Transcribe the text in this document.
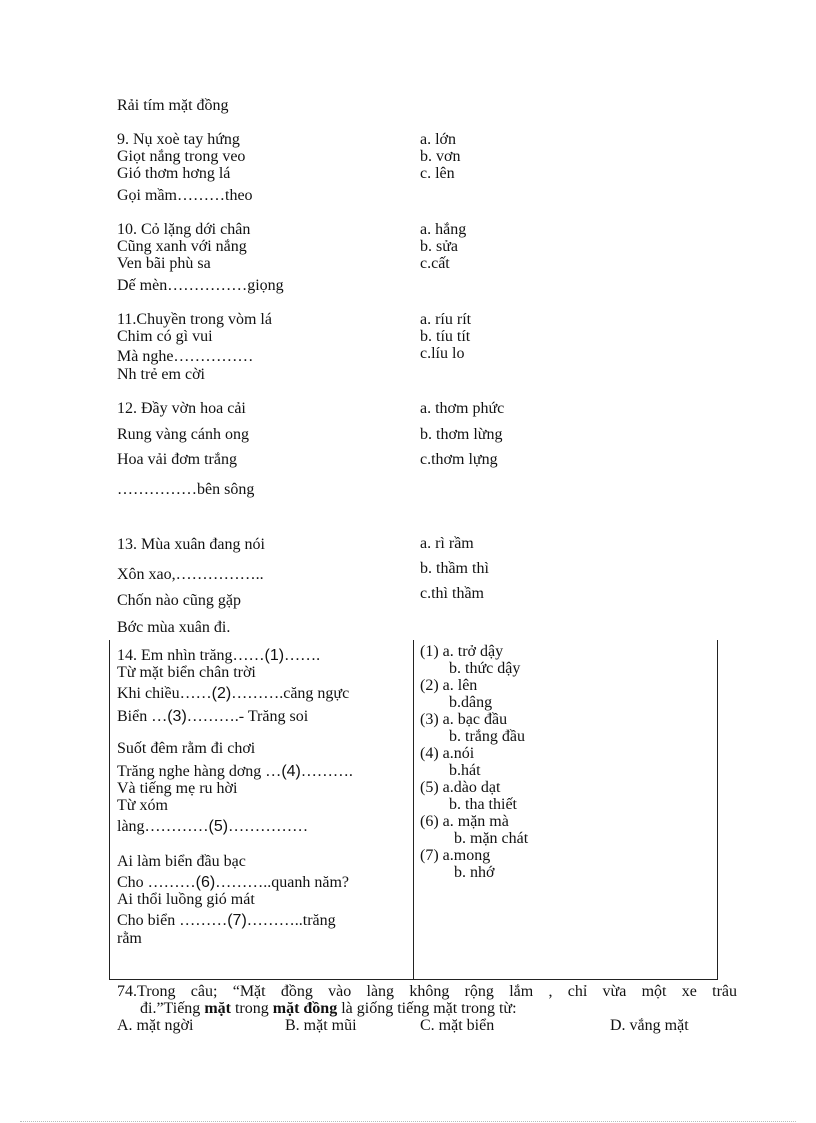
Rải tím mặt đồng
9. Nụ xoè tay hứng
Giọt nắng trong veo
Gió thơm hơng lá
Gọi mầm………theo
a. lớn
b. vơn
c. lên
10. Cỏ lặng dới chân
Cũng xanh với nắng
Ven bãi phù sa
Dế mèn……………giọng
a. hắng
b. sửa
c.cất
11.Chuyền trong vòm lá
Chim có gì vui
Mà nghe……………
Nh trẻ em cời
a. ríu rít
b. tíu tít
c.líu lo
12. Đầy vờn hoa cải
Rung vàng cánh ong
Hoa vải đơm trắng
……………bên sông
a. thơm phức
b. thơm lừng
c.thơm lựng
13. Mùa xuân đang nói
Xôn xao,……………..
Chốn nào cũng gặp
Bớc mùa xuân đi.
a. rì rầm
b. thầm thì
c.thì thầm
14. Em nhìn trăng……(1)…….
Từ mặt biển chân trời
Khi chiều……(2)……….căng ngực
Biển …(3)……….- Trăng soi
Suốt đêm rằm đi chơi
Trăng nghe hàng dơng …(4)……….
Và tiếng mẹ ru hời
Từ xóm
làng…………(5)……………
Ai làm biển đầu bạc
Cho ………(6)………..quanh năm?
Ai thổi luồng gió mát
Cho biển ………(7)………..trăng
rằm
(1) a. trở dậy
b. thức dậy
(2) a. lên
b.dâng
(3) a. bạc đầu
b. trắng đầu
(4) a.nói
b.hát
(5) a.dào dạt
b. tha thiết
(6) a. mặn mà
b. mặn chát
(7) a.mong
b. nhớ
74.Trong câu; “Mặt đồng vào làng không rộng lắm , chỉ vừa một xe trâu
đi.”Tiếng mặt trong mặt đồng là giống tiếng mặt trong từ:
A. mặt ngời	B. mặt mũi	C. mặt biển	D. vắng mặt
